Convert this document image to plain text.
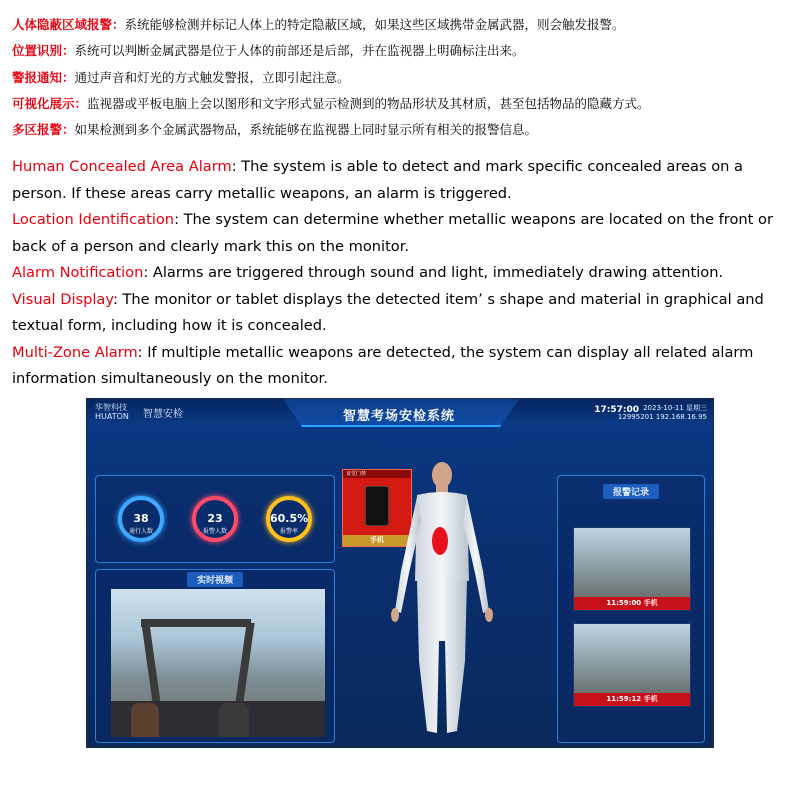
人体隐蔽区域报警：系统能够检测并标记人体上的特定隐蔽区域，如果这些区域携带金属武器，则会触发报警。
位置识别：系统可以判断金属武器是位于人体的前部还是后部，并在监视器上明确标注出来。
警报通知：通过声音和灯光的方式触发警报，立即引起注意。
可视化展示：监视器或平板电脑上会以图形和文字形式显示检测到的物品形状及其材质，甚至包括物品的隐藏方式。
多区报警：如果检测到多个金属武器物品，系统能够在监视器上同时显示所有相关的报警信息。
Human Concealed Area Alarm: The system is able to detect and mark specific concealed areas on a person. If these areas carry metallic weapons, an alarm is triggered.
Location Identification: The system can determine whether metallic weapons are located on the front or back of a person and clearly mark this on the monitor.
Alarm Notification: Alarms are triggered through sound and light, immediately drawing attention.
Visual Display: The monitor or tablet displays the detected item’ s shape and material in graphical and textual form, including how it is concealed.
Multi-Zone Alarm: If multiple metallic weapons are detected, the system can display all related alarm information simultaneously on the monitor.
华智科技
HUATON 智慧安检	智慧考场安检系统	17:57:00 2023-10-11 星期三
12995201 192.168.16.95
38
通行人数
23
报警人数
60.5%
报警率
实时视频
食堂门禁
手机
报警记录
11:59:00 手机
11:59:12 手机
